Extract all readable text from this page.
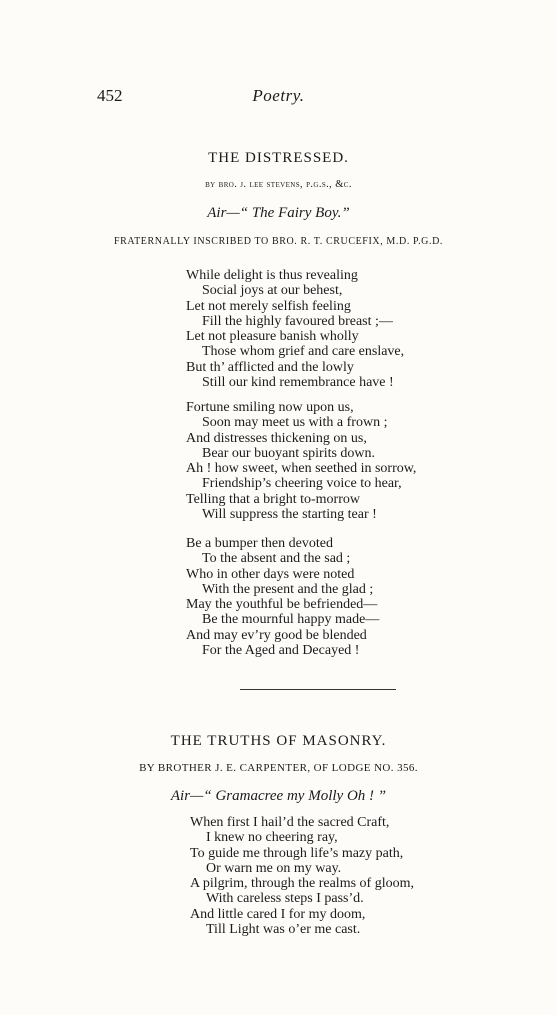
452	Poetry.
THE DISTRESSED.
by bro. j. lee stevens, p.g.s., &c.
Air—“ The Fairy Boy.”
FRATERNALLY INSCRIBED TO BRO. R. T. CRUCEFIX, M.D. P.G.D.
While delight is thus revealing
Social joys at our behest,
Let not merely selfish feeling
Fill the highly favoured breast ;—
Let not pleasure banish wholly
Those whom grief and care enslave,
But th’ afflicted and the lowly
Still our kind remembrance have !
Fortune smiling now upon us,
Soon may meet us with a frown ;
And distresses thickening on us,
Bear our buoyant spirits down.
Ah ! how sweet, when seethed in sorrow,
Friendship’s cheering voice to hear,
Telling that a bright to-morrow
Will suppress the starting tear !
Be a bumper then devoted
To the absent and the sad ;
Who in other days were noted
With the present and the glad ;
May the youthful be befriended—
Be the mournful happy made—
And may ev’ry good be blended
For the Aged and Decayed !
THE TRUTHS OF MASONRY.
BY BROTHER J. E. CARPENTER, OF LODGE NO. 356.
Air—“ Gramacree my Molly Oh ! ”
When first I hail’d the sacred Craft,
I knew no cheering ray,
To guide me through life’s mazy path,
Or warn me on my way.
A pilgrim, through the realms of gloom,
With careless steps I pass’d.
And little cared I for my doom,
Till Light was o’er me cast.
